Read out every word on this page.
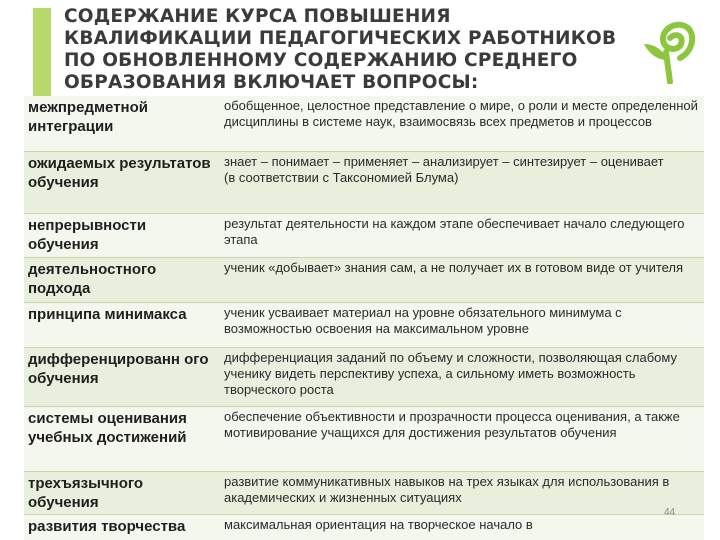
СОДЕРЖАНИЕ КУРСА ПОВЫШЕНИЯ
КВАЛИФИКАЦИИ ПЕДАГОГИЧЕСКИХ РАБОТНИКОВ
ПО ОБНОВЛЕННОМУ СОДЕРЖАНИЮ СРЕДНЕГО
ОБРАЗОВАНИЯ ВКЛЮЧАЕТ ВОПРОСЫ:
межпредметной интеграции
обобщенное, целостное представление о мире, о роли и месте определенной дисциплины в системе наук, взаимосвязь всех предметов и процессов
ожидаемых результатов обучения
знает – понимает – применяет – анализирует – синтезирует – оценивает
(в соответствии с Таксономией Блума)
непрерывности обучения
результат деятельности на каждом этапе обеспечивает начало следующего этапа
деятельностного подхода
ученик «добывает» знания сам, а не получает их в готовом виде от учителя
принципа минимакса	ученик усваивает материал на уровне обязательного минимума с возможностью освоения на максимальном уровне
дифференцированн ого обучения
дифференциация заданий по объему и сложности, позволяющая слабому ученику видеть перспективу успеха, а сильному иметь возможность творческого роста
системы оценивания учебных достижений
обеспечение объективности и прозрачности процесса оценивания, а также мотивирование учащихся для достижения результатов обучения
трехъязычного обучения
развитие коммуникативных навыков на трех языках для использования в академических и жизненных ситуациях
развития творчества	максимальная ориентация на творческое начало в
44
